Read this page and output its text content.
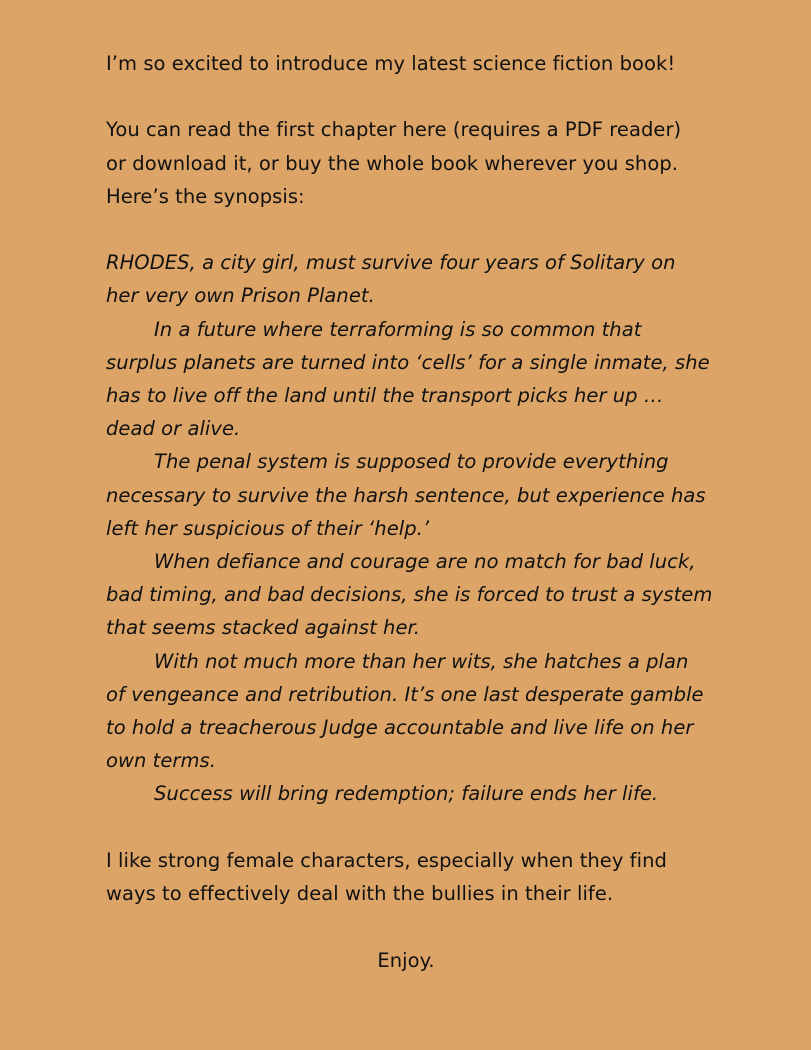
I’m so excited to introduce my latest science fiction book!

You can read the first chapter here (requires a PDF reader)
or download it, or buy the whole book wherever you shop.
Here’s the synopsis:

RHODES, a city girl, must survive four years of Solitary on
her very own Prison Planet.

In a future where terraforming is so common that
surplus planets are turned into ‘cells’ for a single inmate, she
has to live off the land until the transport picks her up …
dead or alive.

The penal system is supposed to provide everything
necessary to survive the harsh sentence, but experience has
left her suspicious of their ‘help.’

When defiance and courage are no match for bad luck,
bad timing, and bad decisions, she is forced to trust a system
that seems stacked against her.

With not much more than her wits, she hatches a plan
of vengeance and retribution. It’s one last desperate gamble
to hold a treacherous Judge accountable and live life on her
own terms.

Success will bring redemption; failure ends her life.

I like strong female characters, especially when they find
ways to effectively deal with the bullies in their life.

Enjoy.
